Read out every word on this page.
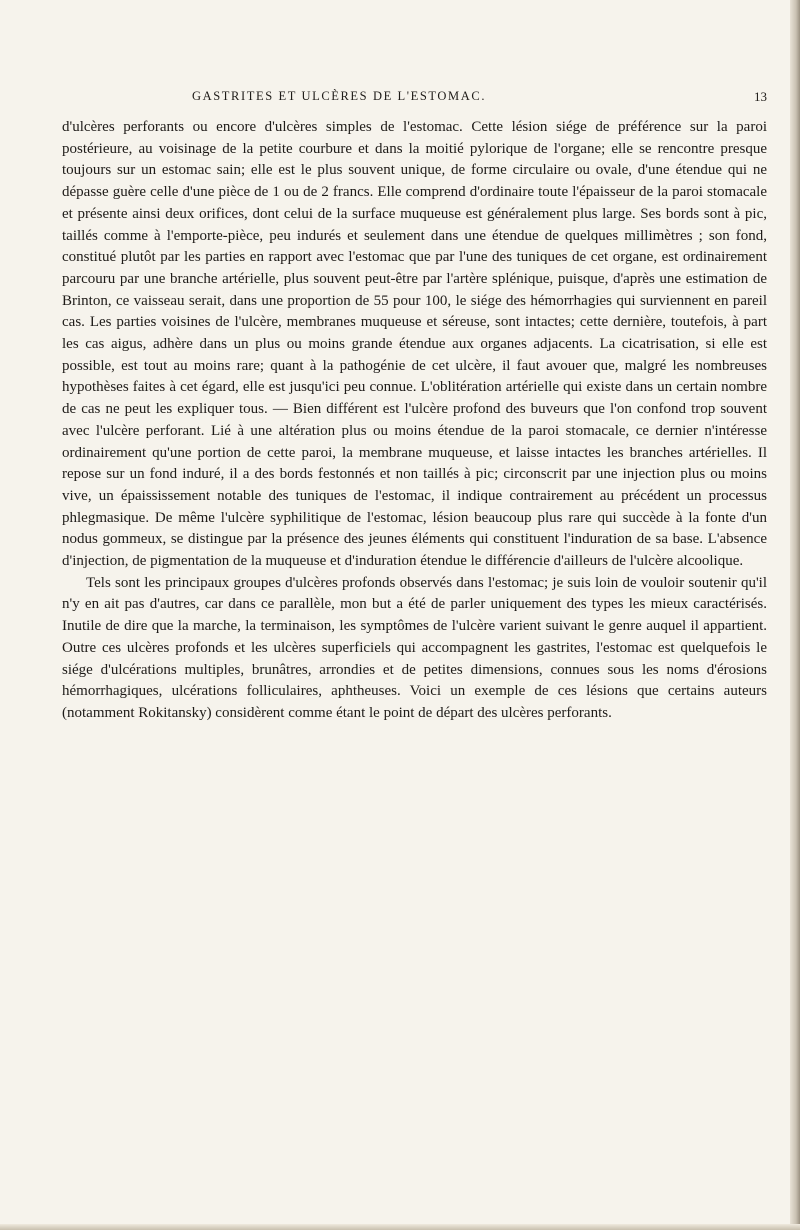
GASTRITES ET ULCÈRES DE L'ESTOMAC.	13

d'ulcères perforants ou encore d'ulcères simples de l'estomac. Cette lésion siége de préférence sur la paroi postérieure, au voisinage de la petite courbure et dans la moitié pylorique de l'organe; elle se rencontre presque toujours sur un estomac sain; elle est le plus souvent unique, de forme circulaire ou ovale, d'une étendue qui ne dépasse guère celle d'une pièce de 1 ou de 2 francs. Elle comprend d'ordinaire toute l'épaisseur de la paroi stomacale et présente ainsi deux orifices, dont celui de la surface muqueuse est généralement plus large. Ses bords sont à pic, taillés comme à l'emporte-pièce, peu indurés et seulement dans une étendue de quelques millimètres ; son fond, constitué plutôt par les parties en rapport avec l'estomac que par l'une des tuniques de cet organe, est ordinairement parcouru par une branche artérielle, plus souvent peut-être par l'artère splénique, puisque, d'après une estimation de Brinton, ce vaisseau serait, dans une proportion de 55 pour 100, le siége des hémorrhagies qui surviennent en pareil cas. Les parties voisines de l'ulcère, membranes muqueuse et séreuse, sont intactes; cette dernière, toutefois, à part les cas aigus, adhère dans un plus ou moins grande étendue aux organes adjacents. La cicatrisation, si elle est possible, est tout au moins rare; quant à la pathogénie de cet ulcère, il faut avouer que, malgré les nombreuses hypothèses faites à cet égard, elle est jusqu'ici peu connue. L'oblitération artérielle qui existe dans un certain nombre de cas ne peut les expliquer tous. — Bien différent est l'ulcère profond des buveurs que l'on confond trop souvent avec l'ulcère perforant. Lié à une altération plus ou moins étendue de la paroi stomacale, ce dernier n'intéresse ordinairement qu'une portion de cette paroi, la membrane muqueuse, et laisse intactes les branches artérielles. Il repose sur un fond induré, il a des bords festonnés et non taillés à pic; circonscrit par une injection plus ou moins vive, un épaississement notable des tuniques de l'estomac, il indique contrairement au précédent un processus phlegmasique. De même l'ulcère syphilitique de l'estomac, lésion beaucoup plus rare qui succède à la fonte d'un nodus gommeux, se distingue par la présence des jeunes éléments qui constituent l'induration de sa base. L'absence d'injection, de pigmentation de la muqueuse et d'induration étendue le différencie d'ailleurs de l'ulcère alcoolique.

Tels sont les principaux groupes d'ulcères profonds observés dans l'estomac; je suis loin de vouloir soutenir qu'il n'y en ait pas d'autres, car dans ce parallèle, mon but a été de parler uniquement des types les mieux caractérisés. Inutile de dire que la marche, la terminaison, les symptômes de l'ulcère varient suivant le genre auquel il appartient. Outre ces ulcères profonds et les ulcères superficiels qui accompagnent les gastrites, l'estomac est quelquefois le siége d'ulcérations multiples, brunâtres, arrondies et de petites dimensions, connues sous les noms d'érosions hémorrhagiques, ulcérations folliculaires, aphtheuses. Voici un exemple de ces lésions que certains auteurs (notamment Rokitansky) considèrent comme étant le point de départ des ulcères perforants.
